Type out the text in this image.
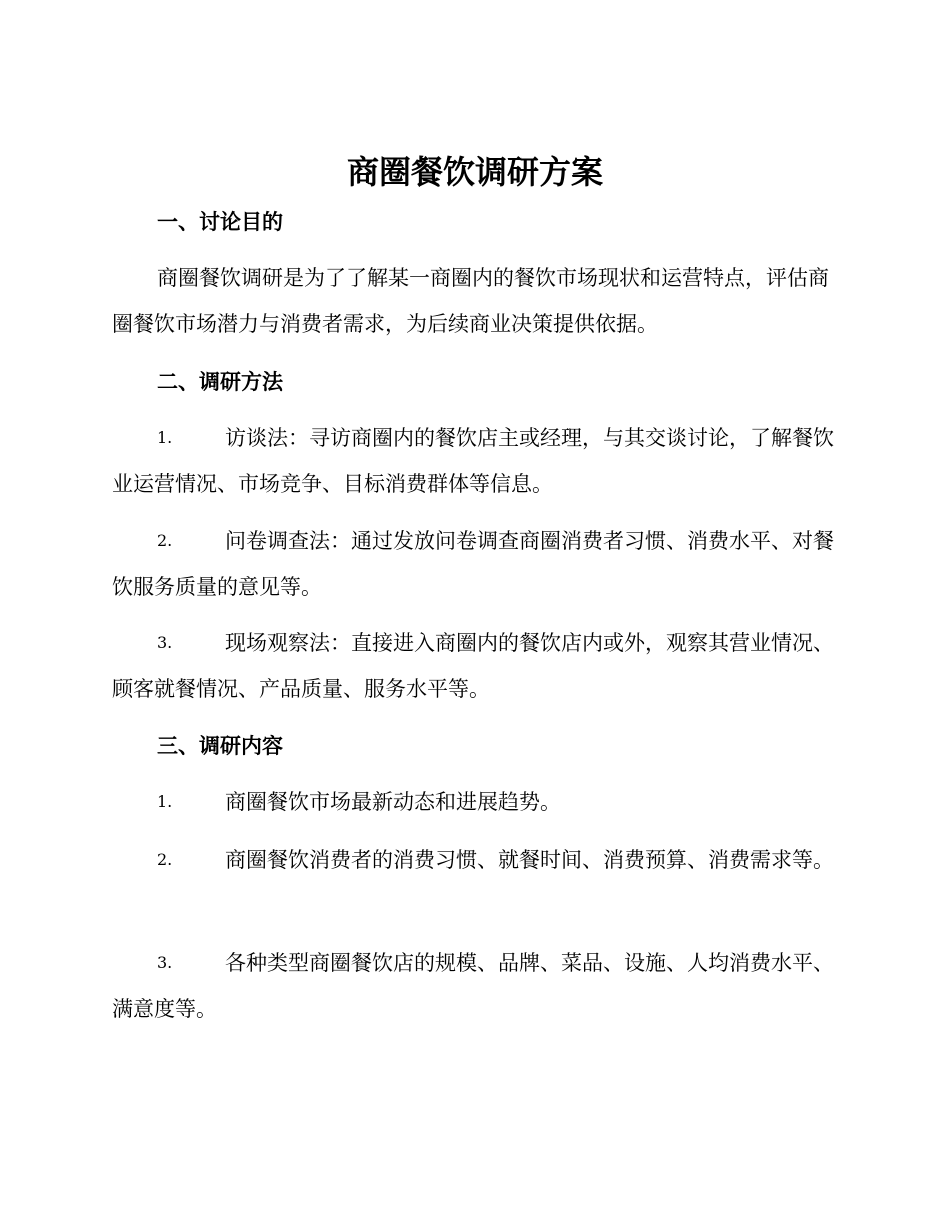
商圈餐饮调研方案
一、讨论目的

商圈餐饮调研是为了了解某一商圈内的餐饮市场现状和运营特点，评估商圈餐饮市场潜力与消费者需求，为后续商业决策提供依据。

二、调研方法

1.	访谈法：寻访商圈内的餐饮店主或经理，与其交谈讨论，了解餐饮业运营情况、市场竞争、目标消费群体等信息。

2.	问卷调查法：通过发放问卷调查商圈消费者习惯、消费水平、对餐饮服务质量的意见等。

3.	现场观察法：直接进入商圈内的餐饮店内或外，观察其营业情况、顾客就餐情况、产品质量、服务水平等。

三、调研内容

1.	商圈餐饮市场最新动态和进展趋势。

2.	商圈餐饮消费者的消费习惯、就餐时间、消费预算、消费需求等。

3.	各种类型商圈餐饮店的规模、品牌、菜品、设施、人均消费水平、满意度等。
